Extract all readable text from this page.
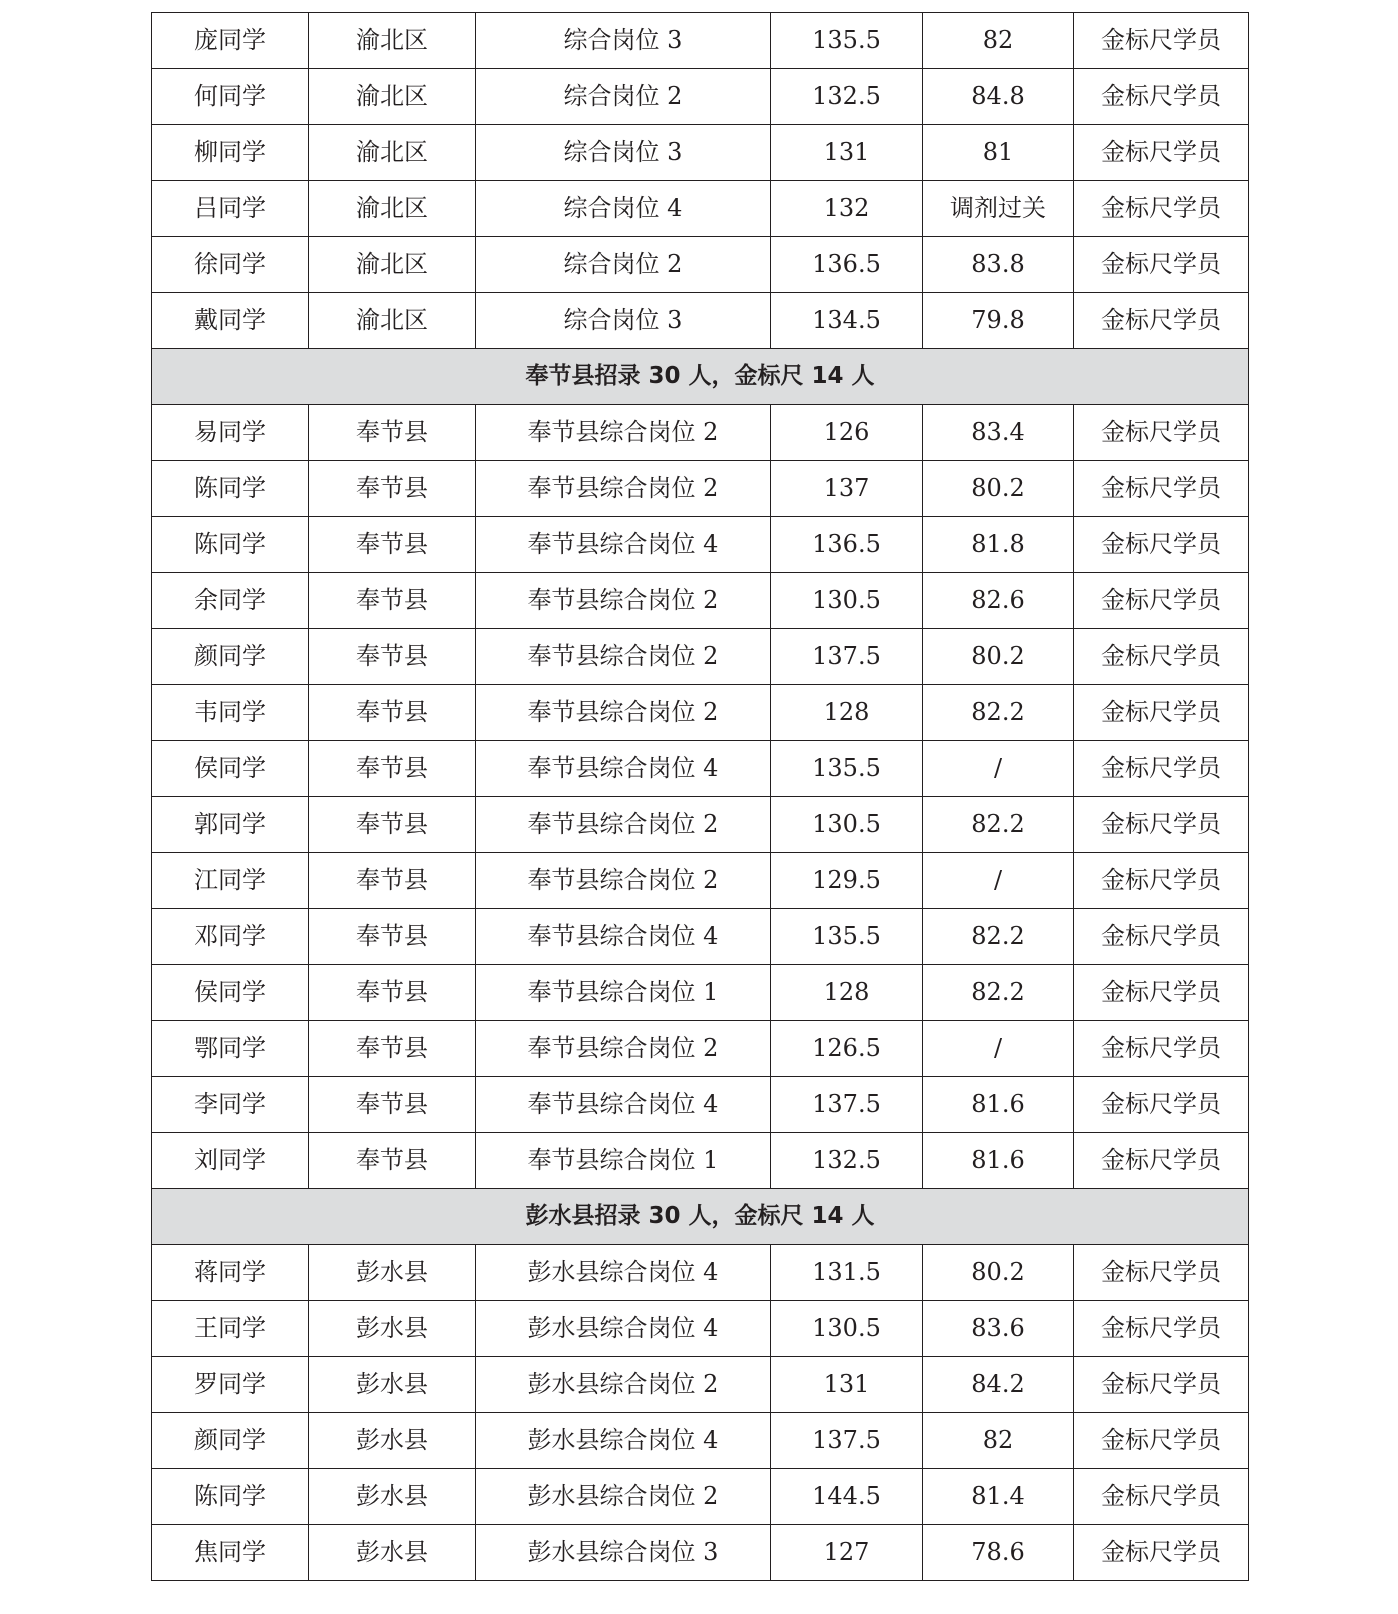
庞同学	渝北区	综合岗位 3	135.5	82	金标尺学员
何同学	渝北区	综合岗位 2	132.5	84.8	金标尺学员
柳同学	渝北区	综合岗位 3	131	81	金标尺学员
吕同学	渝北区	综合岗位 4	132	调剂过关	金标尺学员
徐同学	渝北区	综合岗位 2	136.5	83.8	金标尺学员
戴同学	渝北区	综合岗位 3	134.5	79.8	金标尺学员
奉节县招录 30 人，金标尺 14 人					
易同学	奉节县	奉节县综合岗位 2	126	83.4	金标尺学员
陈同学	奉节县	奉节县综合岗位 2	137	80.2	金标尺学员
陈同学	奉节县	奉节县综合岗位 4	136.5	81.8	金标尺学员
余同学	奉节县	奉节县综合岗位 2	130.5	82.6	金标尺学员
颜同学	奉节县	奉节县综合岗位 2	137.5	80.2	金标尺学员
韦同学	奉节县	奉节县综合岗位 2	128	82.2	金标尺学员
侯同学	奉节县	奉节县综合岗位 4	135.5	/	金标尺学员
郭同学	奉节县	奉节县综合岗位 2	130.5	82.2	金标尺学员
江同学	奉节县	奉节县综合岗位 2	129.5	/	金标尺学员
邓同学	奉节县	奉节县综合岗位 4	135.5	82.2	金标尺学员
侯同学	奉节县	奉节县综合岗位 1	128	82.2	金标尺学员
鄂同学	奉节县	奉节县综合岗位 2	126.5	/	金标尺学员
李同学	奉节县	奉节县综合岗位 4	137.5	81.6	金标尺学员
刘同学	奉节县	奉节县综合岗位 1	132.5	81.6	金标尺学员
彭水县招录 30 人，金标尺 14 人					
蒋同学	彭水县	彭水县综合岗位 4	131.5	80.2	金标尺学员
王同学	彭水县	彭水县综合岗位 4	130.5	83.6	金标尺学员
罗同学	彭水县	彭水县综合岗位 2	131	84.2	金标尺学员
颜同学	彭水县	彭水县综合岗位 4	137.5	82	金标尺学员
陈同学	彭水县	彭水县综合岗位 2	144.5	81.4	金标尺学员
焦同学	彭水县	彭水县综合岗位 3	127	78.6	金标尺学员
